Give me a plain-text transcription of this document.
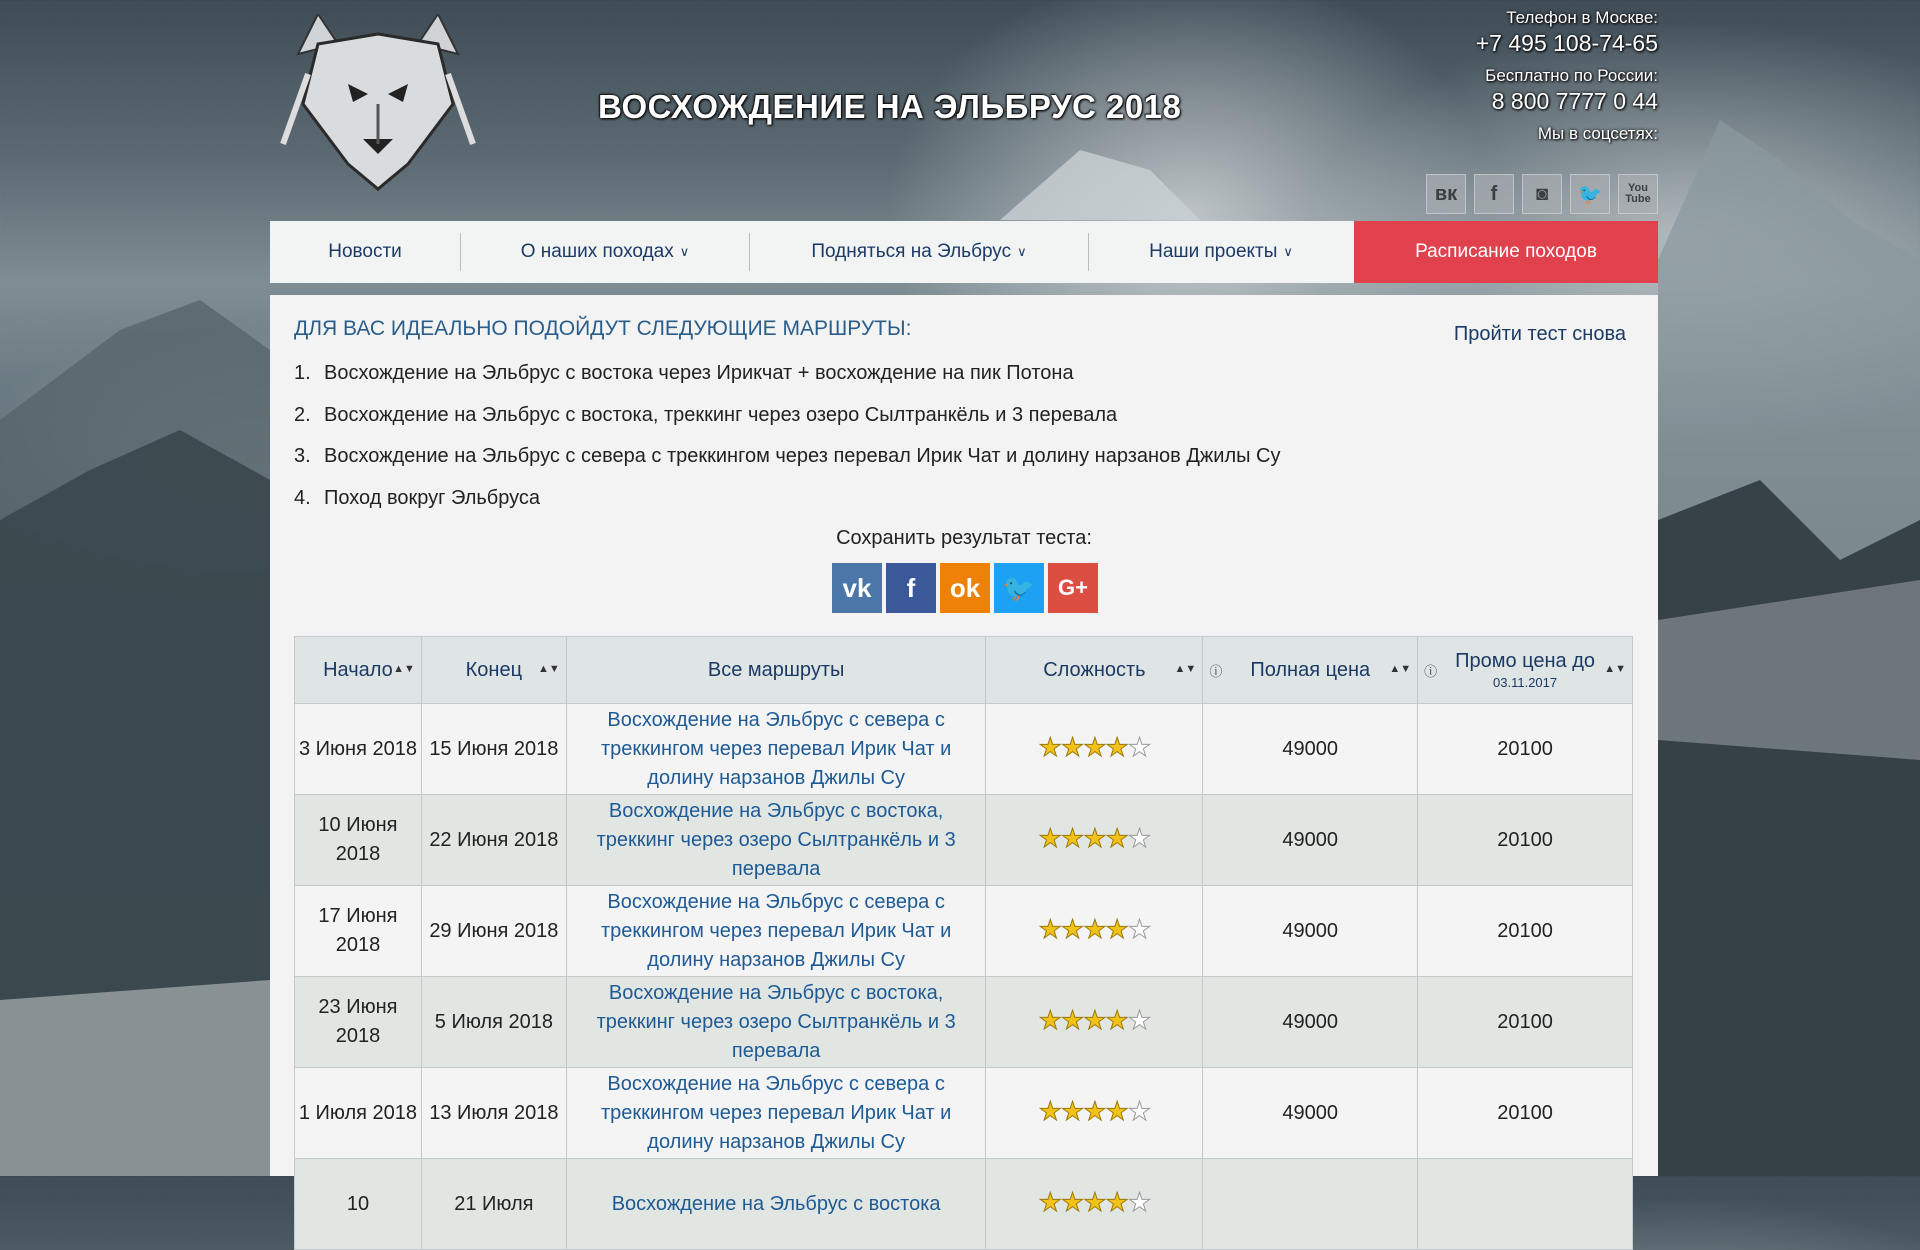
ВОСХОЖДЕНИЕ НА ЭЛЬБРУС 2018
Телефон в Москве:
+7 495 108-74-65
Бесплатно по России:
8 800 7777 0 44
Мы в соцсетях:
вк	f	◙	🐦	You
Tube
Новости	О наших походах ∨	Подняться на Эльбрус ∨	Наши проекты ∨	Расписание походов
ДЛЯ ВАС ИДЕАЛЬНО ПОДОЙДУТ СЛЕДУЮЩИЕ МАРШРУТЫ:	Пройти тест снова
1. Восхождение на Эльбрус с востока через Ирикчат + восхождение на пик Потона
2. Восхождение на Эльбрус с востока, треккинг через озеро Сылтранкёль и 3 перевала
3. Восхождение на Эльбрус с севера с треккингом через перевал Ирик Чат и долину нарзанов Джилы Су
4. Поход вокруг Эльбруса
Сохранить результат теста:
vk	f	ok 🐦	G+
Начало ▲▼	Конец ▲▼	Все маршруты	Сложность ▲▼	ⓘ Полная цена ▲▼	ⓘ Промо цена до
03.11.2017
▲▼

3 Июня 2018	15 Июня 2018	Восхождение на Эльбрус с севера с треккингом через перевал Ирик Чат и долину нарзанов Джилы Су	★★★★★	49000	20100
10 Июня 2018	22 Июня 2018	Восхождение на Эльбрус с востока, треккинг через озеро Сылтранкёль и 3 перевала	★★★★★	49000	20100
17 Июня 2018	29 Июня 2018	Восхождение на Эльбрус с севера с треккингом через перевал Ирик Чат и долину нарзанов Джилы Су	★★★★★	49000	20100
23 Июня 2018	5 Июля 2018	Восхождение на Эльбрус с востока, треккинг через озеро Сылтранкёль и 3 перевала	★★★★★	49000	20100
1 Июля 2018	13 Июля 2018	Восхождение на Эльбрус с севера с треккингом через перевал Ирик Чат и долину нарзанов Джилы Су	★★★★★	49000	20100
10	21 Июля	Восхождение на Эльбрус с востока	★★★★★		
